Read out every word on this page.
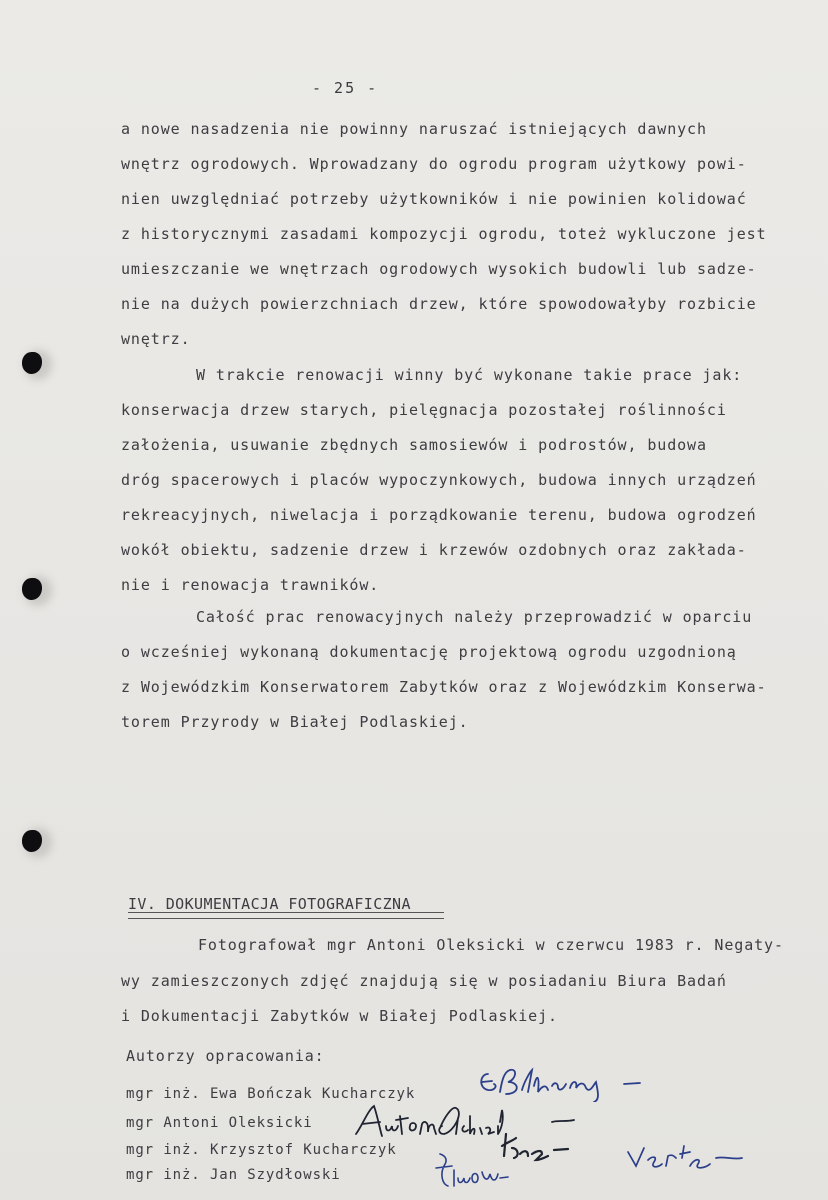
- 25 -
a nowe nasadzenia nie powinny naruszać istniejących dawnych
wnętrz ogrodowych. Wprowadzany do ogrodu program użytkowy powi-
nien uwzględniać potrzeby użytkowników i nie powinien kolidować
z historycznymi zasadami kompozycji ogrodu, toteż wykluczone jest
umieszczanie we wnętrzach ogrodowych wysokich budowli lub sadze-
nie na dużych powierzchniach drzew, które spowodowałyby rozbicie
wnętrz.
W trakcie renowacji winny być wykonane takie prace jak:
konserwacja drzew starych, pielęgnacja pozostałej roślinności
założenia, usuwanie zbędnych samosiewów i podrostów, budowa
dróg spacerowych i placów wypoczynkowych, budowa innych urządzeń
rekreacyjnych, niwelacja i porządkowanie terenu, budowa ogrodzeń
wokół obiektu, sadzenie drzew i krzewów ozdobnych oraz zakłada-
nie i renowacja trawników.
Całość prac renowacyjnych należy przeprowadzić w oparciu
o wcześniej wykonaną dokumentację projektową ogrodu uzgodnioną
z Wojewódzkim Konserwatorem Zabytków oraz z Wojewódzkim Konserwa-
torem Przyrody w Białej Podlaskiej.
IV. DOKUMENTACJA FOTOGRAFICZNA
Fotografował mgr Antoni Oleksicki w czerwcu 1983 r. Negaty-
wy zamieszczonych zdjęć znajdują się w posiadaniu Biura Badań
i Dokumentacji Zabytków w Białej Podlaskiej.
Autorzy opracowania:
mgr inż. Ewa Bończak Kucharczyk
mgr Antoni Oleksicki
mgr inż. Krzysztof Kucharczyk
mgr inż. Jan Szydłowski
